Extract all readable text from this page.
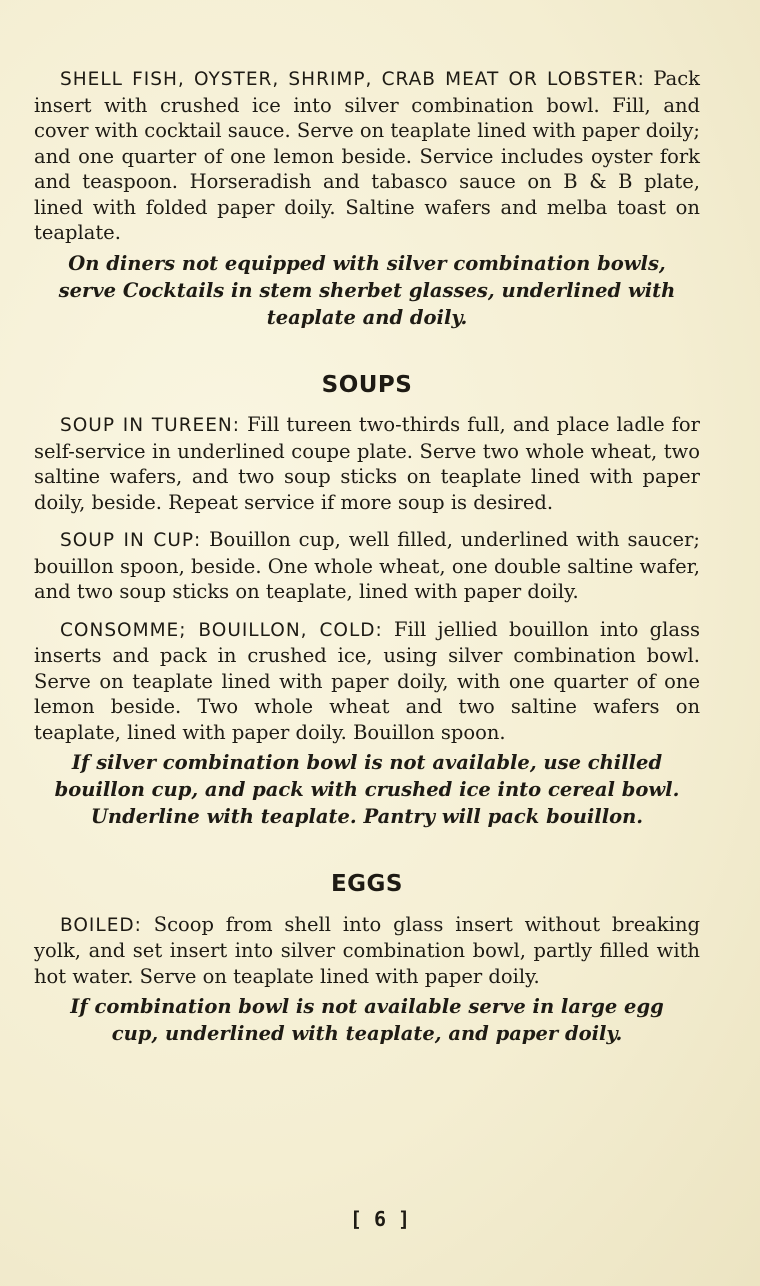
SHELL FISH, OYSTER, SHRIMP, CRAB MEAT OR LOBSTER: Pack insert with crushed ice into silver combination bowl. Fill, and cover with cocktail sauce. Serve on teaplate lined with paper doily; and one quarter of one lemon beside. Service includes oyster fork and teaspoon. Horseradish and tabasco sauce on B & B plate, lined with folded paper doily. Saltine wafers and melba toast on teaplate.

On diners not equipped with silver combination bowls, serve Cocktails in stem sherbet glasses, underlined with teaplate and doily.

SOUPS

SOUP IN TUREEN: Fill tureen two-thirds full, and place ladle for self-service in underlined coupe plate. Serve two whole wheat, two saltine wafers, and two soup sticks on teaplate lined with paper doily, beside. Repeat service if more soup is desired.

SOUP IN CUP: Bouillon cup, well filled, underlined with saucer; bouillon spoon, beside. One whole wheat, one double saltine wafer, and two soup sticks on teaplate, lined with paper doily.

CONSOMME; BOUILLON, COLD: Fill jellied bouillon into glass inserts and pack in crushed ice, using silver combination bowl. Serve on teaplate lined with paper doily, with one quarter of one lemon beside. Two whole wheat and two saltine wafers on teaplate, lined with paper doily. Bouillon spoon.

If silver combination bowl is not available, use chilled bouillon cup, and pack with crushed ice into cereal bowl. Underline with teaplate. Pantry will pack bouillon.

EGGS

BOILED: Scoop from shell into glass insert without breaking yolk, and set insert into silver combination bowl, partly filled with hot water. Serve on teaplate lined with paper doily.

If combination bowl is not available serve in large egg cup, underlined with teaplate, and paper doily.

[ 6 ]
